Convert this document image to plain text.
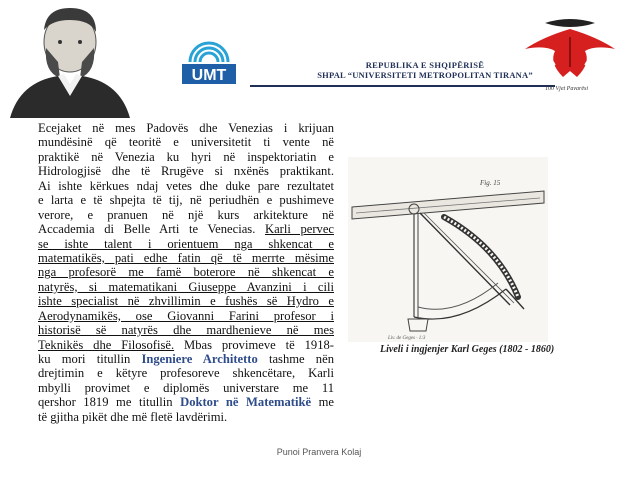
UMT
REPUBLIKA E SHQIPËRISË
SHPAL “UNIVERSITETI METROPOLITAN TIRANA”
100 Vjet Pavarësi
Ecejaket në mes Padovës dhe Venezias i krijuan
mundësinë që teoritë e universitetit ti vente në
praktikë në Venezia ku hyri në inspektoriatin e
Hidrologjisë dhe të Rrugëve si nxënës praktikant.
Ai ishte kërkues ndaj vetes dhe duke pare rezultatet
e larta e të shpejta të tij, në periudhën e pushimeve
verore, e pranuen në një kurs arkitekture në
Accademia di Belle Arti te Venecias. Karli pervec
se ishte talent i orientuem nga shkencat e
matematikës, pati edhe fatin që të merrte mësime
nga profesorë me famë boterore në shkencat e
natyrës, si matematikani Giuseppe Avanzini i cili
ishte specialist në zhvillimin e fushës së Hydro e
Aerodynamikës, ose Giovanni Farini profesor i
historisë së natyrës dhe mardhenieve në mes
Teknikës dhe Filosofisë. Mbas provimeve të 1918-
ku mori titullin Ingeniere Architetto tashme nën
drejtimin e këtyre profesoreve shkencëtare, Karli
mbylli provimet e diplomës universtare me 11
qershor 1819 me titullin Doktor në Matematikë me
të gjitha pikët dhe më fletë lavdërimi.
Fig. 15
Liv. de Geges ∙ 1:3
Liveli i ingjenjer Karl Geges (1802 - 1860)
Punoi Pranvera Kolaj
